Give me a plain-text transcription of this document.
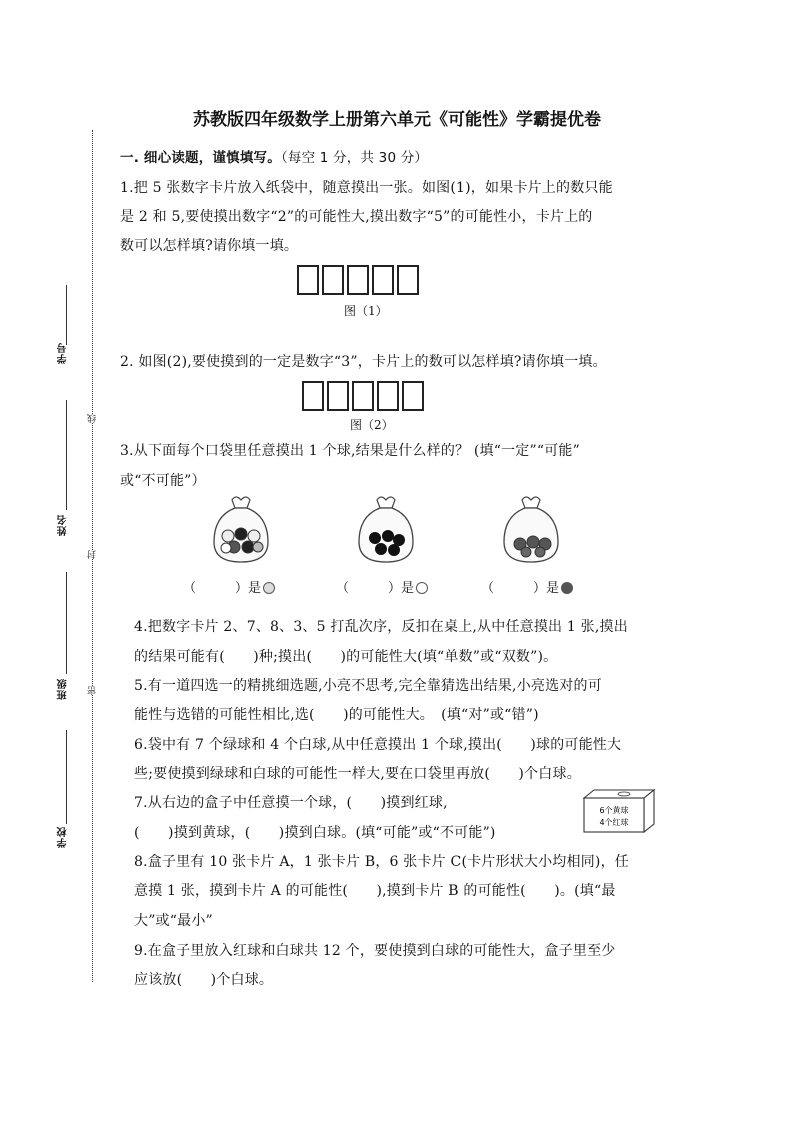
学号
姓名
班级
学校
线
封
密
苏教版四年级数学上册第六单元《可能性》学霸提优卷
一. 细心读题，谨慎填写。（每空 1 分，共 30 分）
1.把 5 张数字卡片放入纸袋中，随意摸出一张。如图(1)，如果卡片上的数只能
是 2 和 5,要使摸出数字“2”的可能性大,摸出数字“5”的可能性小，卡片上的
数可以怎样填?请你填一填。
图（1）
2. 如图(2),要使摸到的一定是数字“3”，卡片上的数可以怎样填?请你填一填。
图（2）
3.从下面每个口袋里任意摸出 1 个球,结果是什么样的？ (填“一定”“可能”
或“不可能”）
（　　　）是	（　　　）是	（　　　）是
4.把数字卡片 2、7、8、3、5 打乱次序，反扣在桌上,从中任意摸出 1 张,摸出
的结果可能有(　　)种;摸出(　　)的可能性大(填“单数”或“双数”)。
5.有一道四选一的精挑细选题,小亮不思考,完全靠猜选出结果,小亮选对的可
能性与选错的可能性相比,选(　　)的可能性大。　(填“对”或“错”)
6.袋中有 7 个绿球和 4 个白球,从中任意摸出 1 个球,摸出(　　)球的可能性大
些;要使摸到绿球和白球的可能性一样大,要在口袋里再放(　　)个白球。
7.从右边的盒子中任意摸一个球，(　　)摸到红球,
(　　)摸到黄球，(　　)摸到白球。(填“可能”或“不可能”)
6个黄球
4个红球
8.盒子里有 10 张卡片 A，1 张卡片 B，6 张卡片 C(卡片形状大小均相同)，任
意摸 1 张，摸到卡片 A 的可能性(　　),摸到卡片 B 的可能性(　　)。(填“最
大”或“最小”
9.在盒子里放入红球和白球共 12 个，要使摸到白球的可能性大，盒子里至少
应该放(　　)个白球。
